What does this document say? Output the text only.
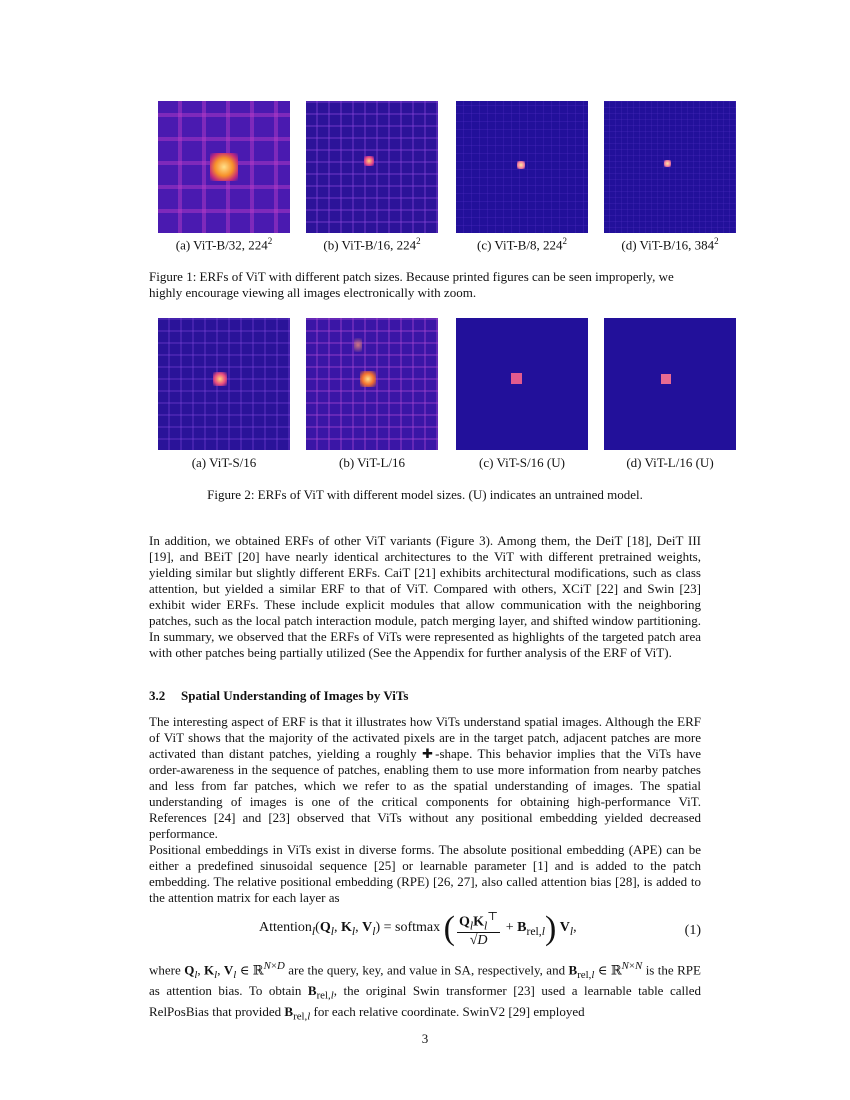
(a) ViT-B/32, $224^2$	(b) ViT-B/16, $224^2$	(c) ViT-B/8, $224^2$	(d) ViT-B/16, $384^2$
Figure 1: ERFs of ViT with different patch sizes. Because printed figures can be seen improperly, we highly encourage viewing all images electronically with zoom.
(a) ViT-S/16	(b) ViT-L/16	(c) ViT-S/16 (U)	(d) ViT-L/16 (U)
Figure 2: ERFs of ViT with different model sizes. (U) indicates an untrained model.

In addition, we obtained ERFs of other ViT variants (Figure 3). Among them, the DeiT [18], DeiT III [19], and BEiT [20] have nearly identical architectures to the ViT with different pretrained weights, yielding similar but slightly different ERFs. CaiT [21] exhibits architectural modifications, such as class attention, but yielded a similar ERF to that of ViT. Compared with others, XCiT [22] and Swin [23] exhibit wider ERFs. These include explicit modules that allow communication with the neighboring patches, such as the local patch interaction module, patch merging layer, and shifted window partitioning. In summary, we observed that the ERFs of ViTs were represented as highlights of the targeted patch area with other patches being partially utilized (See the Appendix for further analysis of the ERF of ViT).

3.2 Spatial Understanding of Images by ViTs

The interesting aspect of ERF is that it illustrates how ViTs understand spatial images. Although the ERF of ViT shows that the majority of the activated pixels are in the target patch, adjacent patches are more activated than distant patches, yielding a roughly ✚-shape. This behavior implies that the ViTs have order-awareness in the sequence of patches, enabling them to use more information from nearby patches and less from far patches, which we refer to as the spatial understanding of images. The spatial understanding of images is one of the critical components for obtaining high-performance ViT. References [24] and [23] observed that ViTs without any positional embedding yielded decreased performance.

Positional embeddings in ViTs exist in diverse forms. The absolute positional embedding (APE) can be either a predefined sinusoidal sequence [25] or learnable parameter [1] and is added to the patch embedding. The relative positional embedding (RPE) [26, 27], also called attention bias [28], is added to the attention matrix for each layer as

$Attention_l(Q_l$, $K_l$, $V_l$) = softmax ( $\frac{Q_lK_l^⊤}{√D} + B_{rel,l}$) $V_l$,	(1)

where $Q_l$, $K_l$, $V_l$ ∈ ℝ$^{N\times D}$ are the query, key, and value in SA, respectively, and $B_{rel,l}$ ∈ ℝ$^{N\times N}$ is the RPE as attention bias. To obtain $B_{rel,l}$, the original Swin transformer [23] used a learnable table called RelPosBias that provided $B_{rel,l}$ for each relative coordinate. SwinV2 [29] employed

3
